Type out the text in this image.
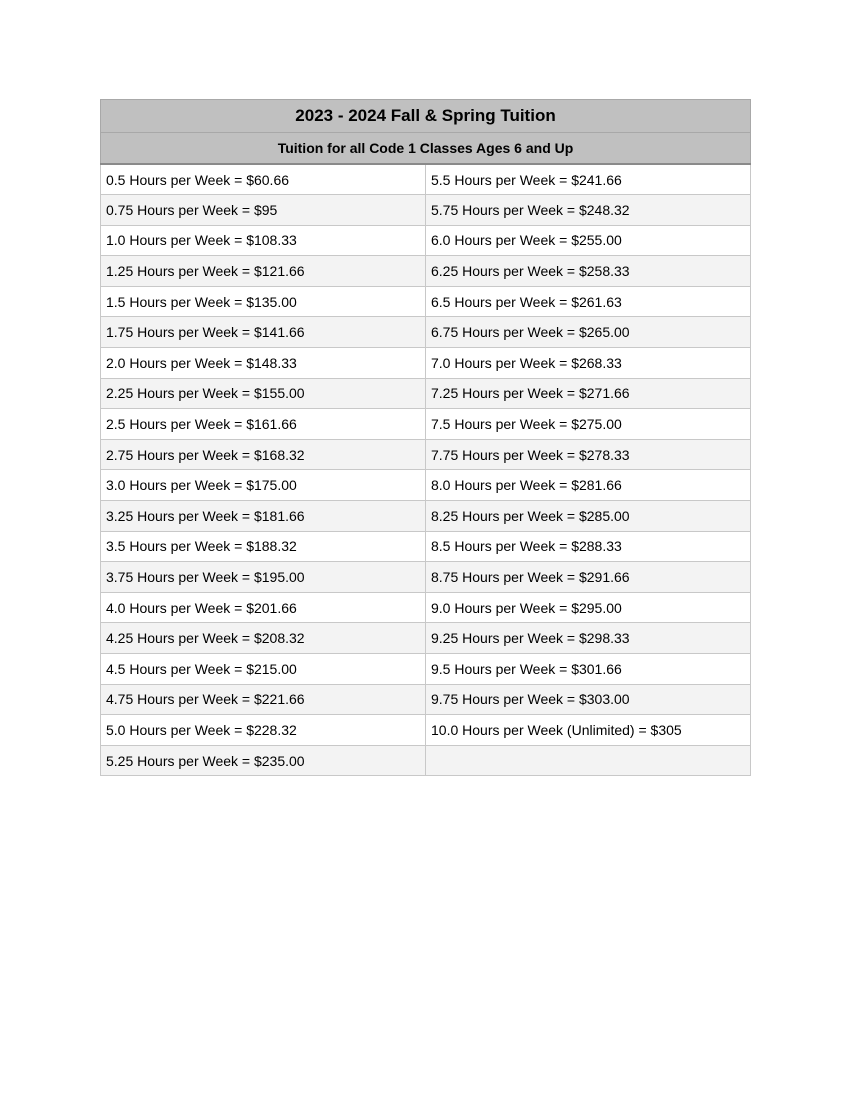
2023 - 2024 Fall & Spring Tuition	
Tuition for all Code 1 Classes Ages 6 and Up	
0.5 Hours per Week = $60.66	5.5 Hours per Week = $241.66
0.75 Hours per Week = $95	5.75 Hours per Week = $248.32
1.0 Hours per Week = $108.33	6.0 Hours per Week = $255.00
1.25 Hours per Week = $121.66	6.25 Hours per Week = $258.33
1.5 Hours per Week = $135.00	6.5 Hours per Week = $261.63
1.75 Hours per Week = $141.66	6.75 Hours per Week = $265.00
2.0 Hours per Week = $148.33	7.0 Hours per Week = $268.33
2.25 Hours per Week = $155.00	7.25 Hours per Week = $271.66
2.5 Hours per Week = $161.66	7.5 Hours per Week = $275.00
2.75 Hours per Week = $168.32	7.75 Hours per Week = $278.33
3.0 Hours per Week = $175.00	8.0 Hours per Week = $281.66
3.25 Hours per Week = $181.66	8.25 Hours per Week = $285.00
3.5 Hours per Week = $188.32	8.5 Hours per Week = $288.33
3.75 Hours per Week = $195.00	8.75 Hours per Week = $291.66
4.0 Hours per Week = $201.66	9.0 Hours per Week = $295.00
4.25 Hours per Week = $208.32	9.25 Hours per Week = $298.33
4.5 Hours per Week = $215.00	9.5 Hours per Week = $301.66
4.75 Hours per Week = $221.66	9.75 Hours per Week = $303.00
5.0 Hours per Week = $228.32	10.0 Hours per Week (Unlimited) = $305
5.25 Hours per Week = $235.00	
